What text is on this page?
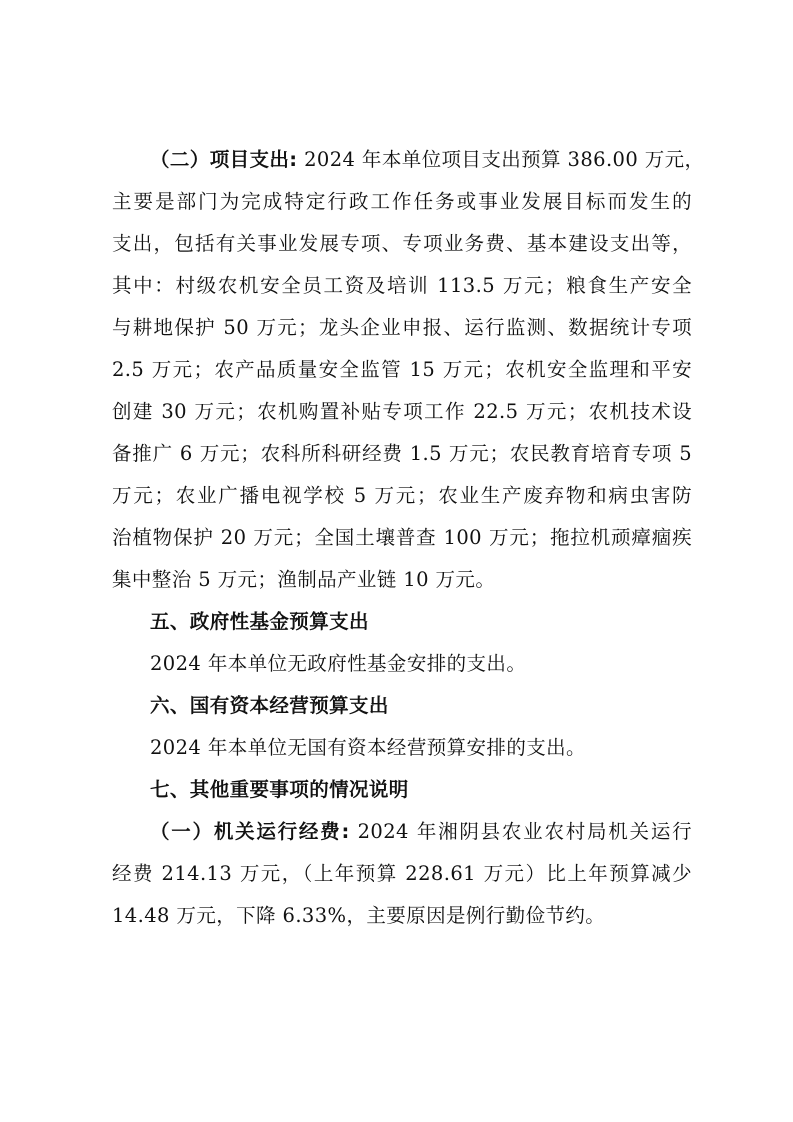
（二）项目支出: 2024 年本单位项目支出预算 386.00 万元，
主要是部门为完成特定行政工作任务或事业发展目标而发生的
支出，包括有关事业发展专项、专项业务费、基本建设支出等，
其中：村级农机安全员工资及培训 113.5 万元；粮食生产安全
与耕地保护 50 万元；龙头企业申报、运行监测、数据统计专项
2.5 万元；农产品质量安全监管 15 万元；农机安全监理和平安
创建 30 万元；农机购置补贴专项工作 22.5 万元；农机技术设
备推广 6 万元；农科所科研经费 1.5 万元；农民教育培育专项 5
万元；农业广播电视学校 5 万元；农业生产废弃物和病虫害防
治植物保护 20 万元；全国土壤普查 100 万元；拖拉机顽瘴痼疾
集中整治 5 万元；渔制品产业链 10 万元。
五、政府性基金预算支出
2024 年本单位无政府性基金安排的支出。
六、国有资本经营预算支出
2024 年本单位无国有资本经营预算安排的支出。
七、其他重要事项的情况说明
（一）机关运行经费: 2024 年湘阴县农业农村局机关运行
经费 214.13 万元，（上年预算 228.61 万元）比上年预算减少
14.48 万元，下降 6.33%，主要原因是例行勤俭节约。
